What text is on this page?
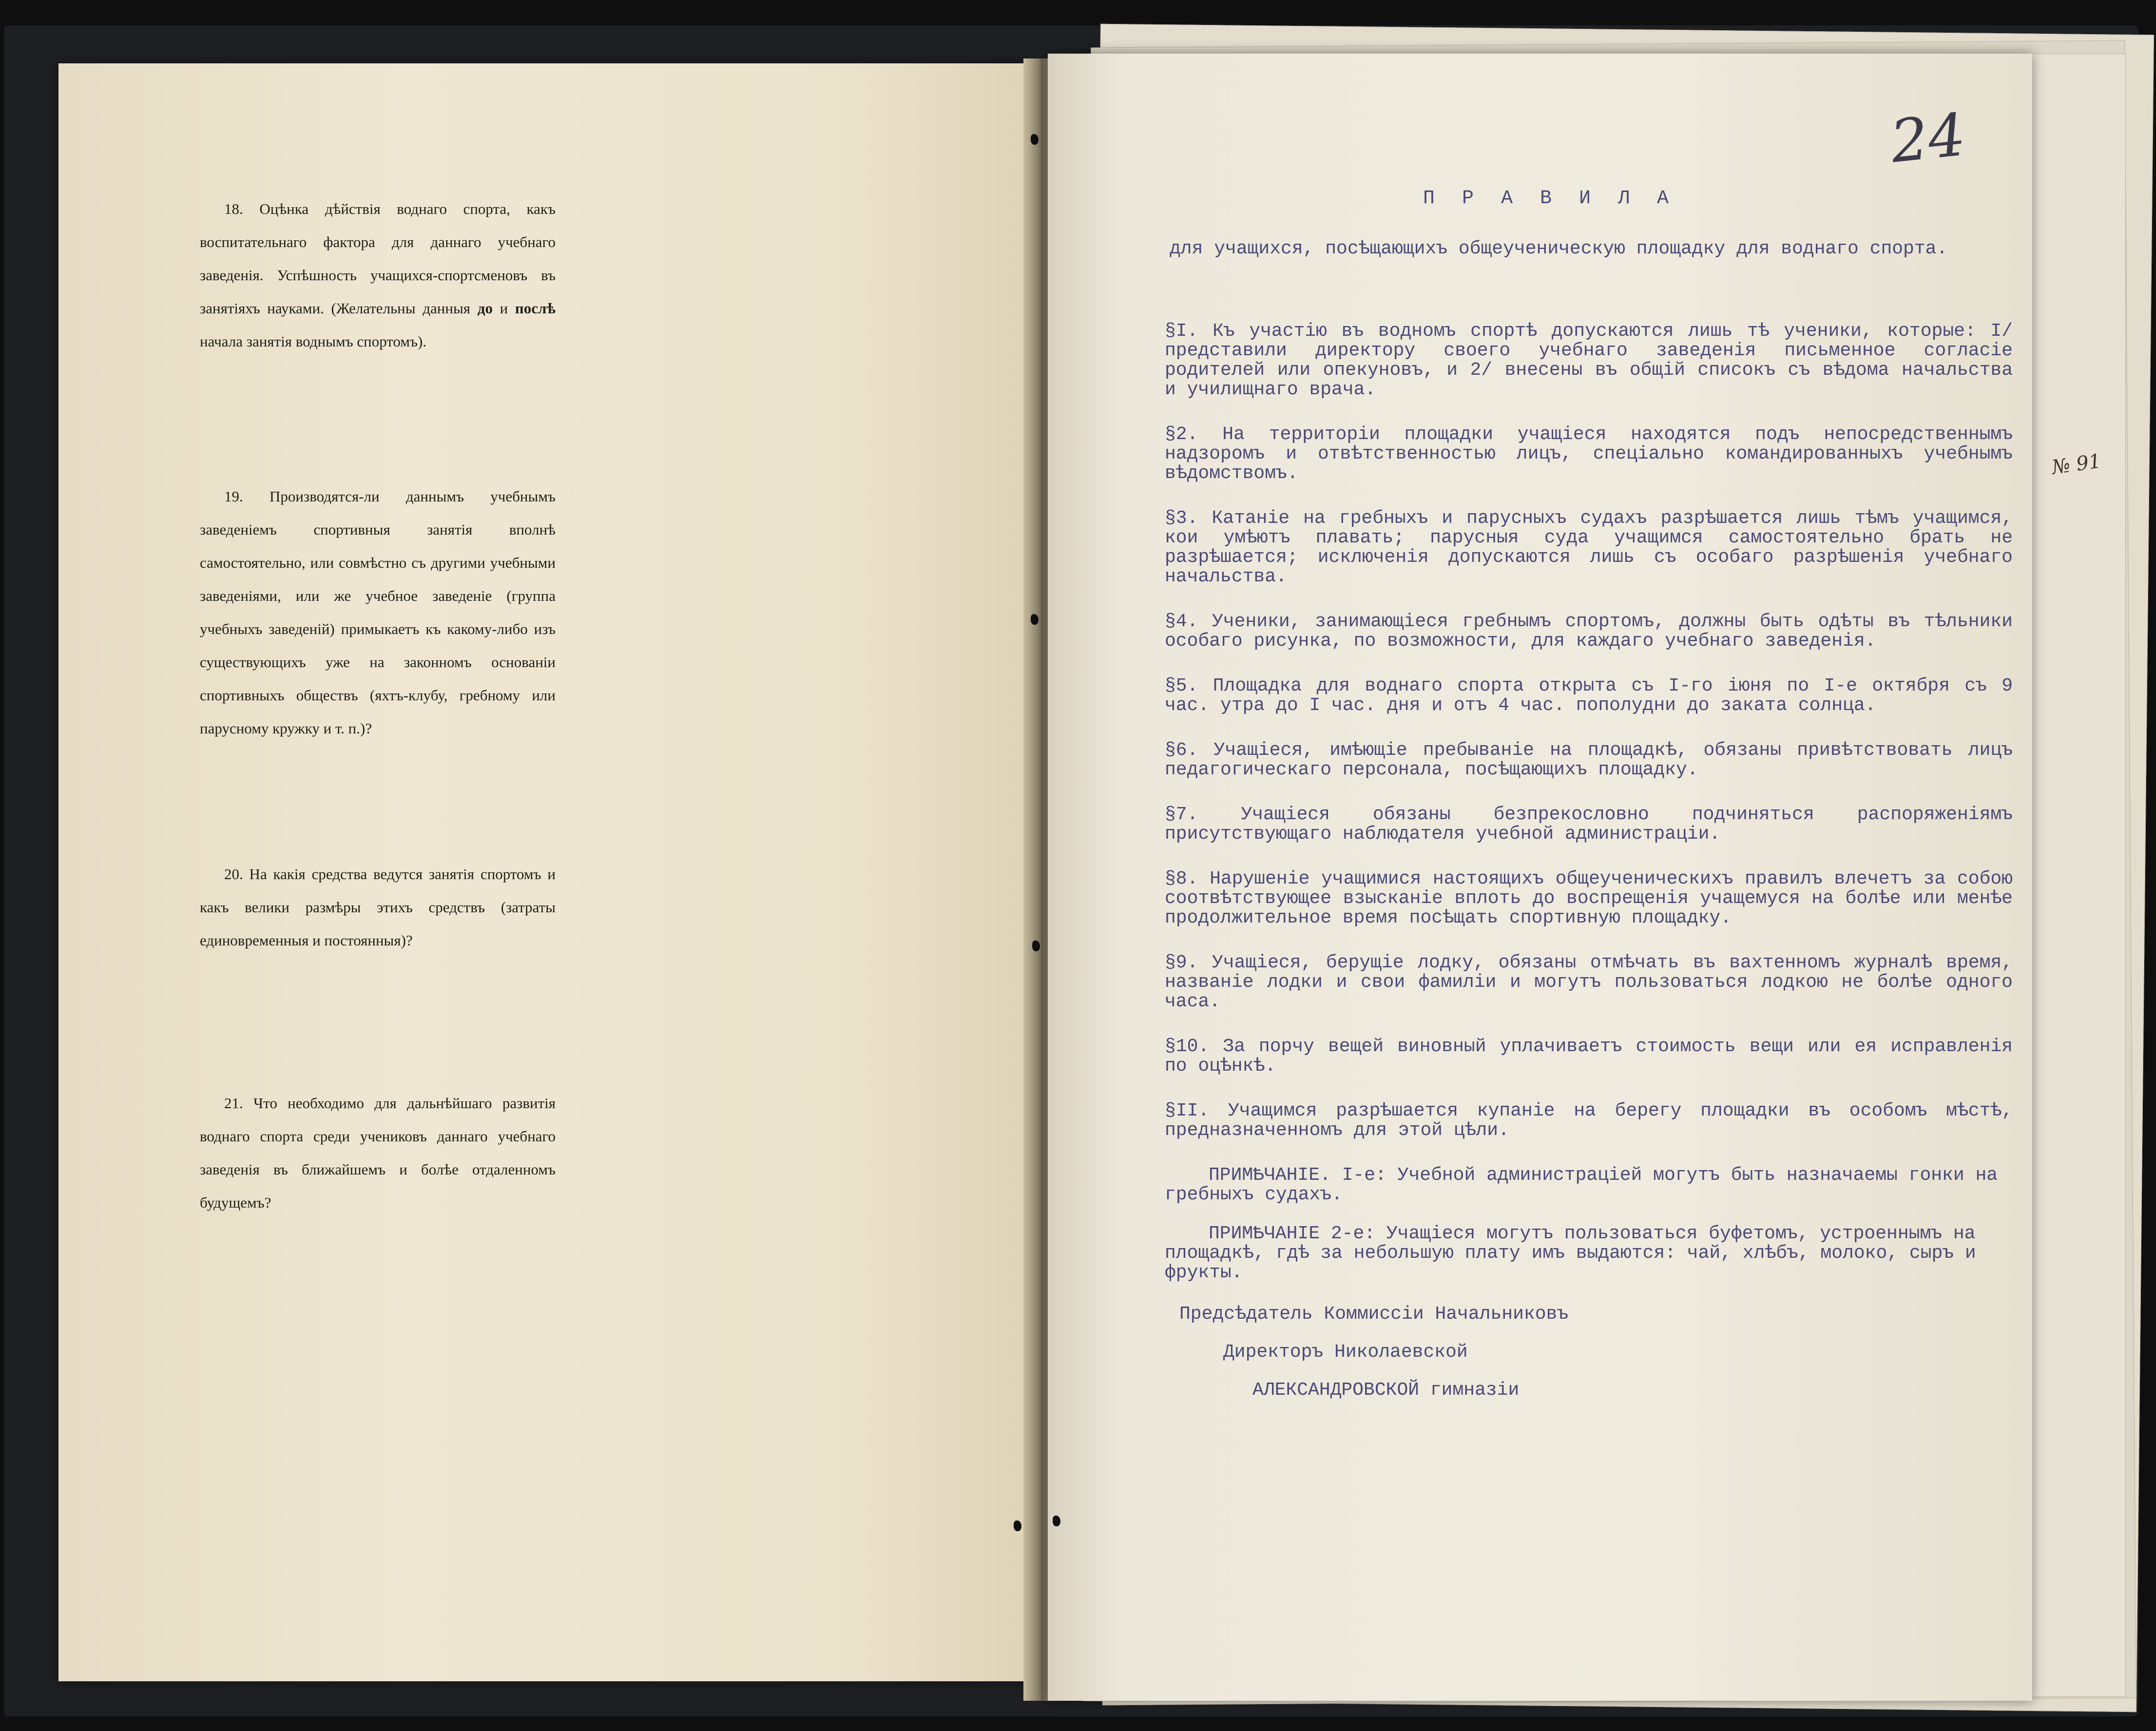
№ 91
18. Оцѣнка дѣйствія воднаго спорта, какъ воспитательнаго фактора для даннаго учебнаго заведенія. Успѣшность учащихся-спортсменовъ въ занятіяхъ науками. (Желательны данныя до и послѣ начала занятія воднымъ спортомъ).
19. Производятся-ли даннымъ учебнымъ заведеніемъ спортивныя занятія вполнѣ самостоятельно, или совмѣстно съ другими учебными заведеніями, или же учебное заведеніе (группа учебныхъ заведеній) примыкаетъ къ какому-либо изъ существующихъ уже на законномъ основаніи спортивныхъ обществъ (яхтъ-клубу, гребному или парусному кружку и т. п.)?
20. На какія средства ведутся занятія спортомъ и какъ велики размѣры этихъ средствъ (затраты единовременныя и постоянныя)?
21. Что необходимо для дальнѣйшаго развитія воднаго спорта среди учениковъ даннаго учебнаго заведенія въ ближайшемъ и болѣе отдаленномъ будущемъ?
24
П Р А В И Л А
для учащихся, посѣщающихъ общеученическую площадку для воднаго спорта.

§I. Къ участію въ водномъ спортѣ допускаются лишь тѣ ученики, которые: I/представили директору своего учебнаго заведенія письменное согласіе родителей или опекуновъ, и 2/ внесены въ общій списокъ съ вѣдома начальства и училищнаго врача.

§2. На территоріи площадки учащіеся находятся подъ непосредственнымъ надзоромъ и отвѣтственностью лицъ, спеціально командированныхъ учебнымъ вѣдомствомъ.

§3. Катаніе на гребныхъ и парусныхъ судахъ разрѣшается лишь тѣмъ учащимся, кои умѣютъ плавать; парусныя суда учащимся самостоятельно брать не разрѣшается; исключенія допускаются лишь съ особаго разрѣшенія учебнаго начальства.

§4. Ученики, занимающіеся гребнымъ спортомъ, должны быть одѣты въ тѣльники особаго рисунка, по возможности, для каждаго учебнаго заведенія.

§5. Площадка для воднаго спорта открыта съ I-го іюня по I-е октября съ 9 час. утра до I час. дня и отъ 4 час. пополудни до заката солнца.

§6. Учащіеся, имѣющіе пребываніе на площадкѣ, обязаны привѣтствовать лицъ педагогическаго персонала, посѣщающихъ площадку.

§7. Учащіеся обязаны безпрекословно подчиняться распоряженіямъ присутствующаго наблюдателя учебной администраціи.

§8. Нарушеніе учащимися настоящихъ общеученическихъ правилъ влечетъ за собою соотвѣтствующее взысканіе вплоть до воспрещенія учащемуся на болѣе или менѣе продолжительное время посѣщать спортивную площадку.

§9. Учащіеся, берущіе лодку, обязаны отмѣчать въ вахтенномъ журналѣ время, названіе лодки и свои фамиліи и могутъ пользоваться лодкою не болѣе одного часа.

§10. За порчу вещей виновный уплачиваетъ стоимость вещи или ея исправленія по оцѣнкѣ.

§II. Учащимся разрѣшается купаніе на берегу площадки въ особомъ мѣстѣ, предназначенномъ для этой цѣли.

ПРИМѢЧАНІЕ. I-е: Учебной администраціей могутъ быть назначаемы гонки на гребныхъ судахъ.

ПРИМѢЧАНІЕ 2-е: Учащіеся могутъ пользоваться буфетомъ, устроеннымъ на площадкѣ, гдѣ за небольшую плату имъ выдаются: чай, хлѣбъ, молоко, сыръ и фрукты.

Предсѣдатель Коммиссіи Начальниковъ
Директоръ Николаевской
АЛЕКСАНДРОВСКОЙ гимназіи
